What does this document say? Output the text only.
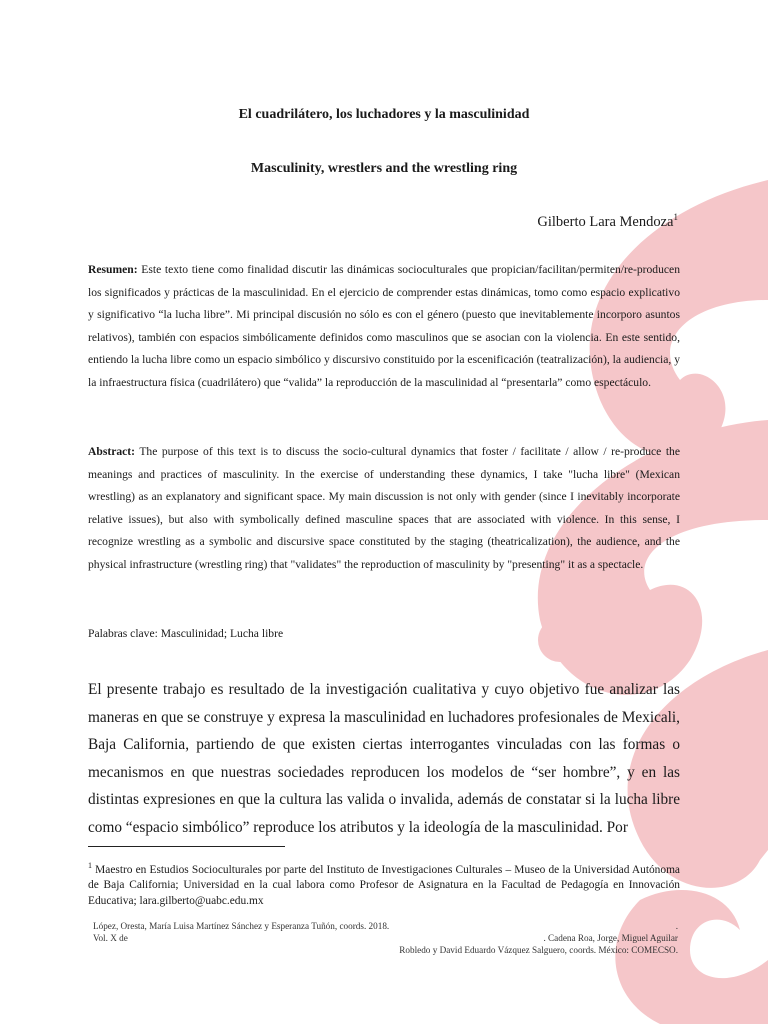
El cuadrilátero, los luchadores y la masculinidad
Masculinity, wrestlers and the wrestling ring
Gilberto Lara Mendoza$^1$
Resumen: Este texto tiene como finalidad discutir las dinámicas socioculturales que propician/facilitan/permiten/re-producen los significados y prácticas de la masculinidad. En el ejercicio de comprender estas dinámicas, tomo como espacio explicativo y significativo “la lucha libre”. Mi principal discusión no sólo es con el género (puesto que inevitablemente incorporo asuntos relativos), también con espacios simbólicamente definidos como masculinos que se asocian con la violencia. En este sentido, entiendo la lucha libre como un espacio simbólico y discursivo constituido por la escenificación (teatralización), la audiencia, y la infraestructura física (cuadrilátero) que “valida” la reproducción de la masculinidad al “presentarla” como espectáculo.
Abstract: The purpose of this text is to discuss the socio-cultural dynamics that foster / facilitate / allow / re-produce the meanings and practices of masculinity. In the exercise of understanding these dynamics, I take "lucha libre" (Mexican wrestling) as an explanatory and significant space. My main discussion is not only with gender (since I inevitably incorporate relative issues), but also with symbolically defined masculine spaces that are associated with violence. In this sense, I recognize wrestling as a symbolic and discursive space constituted by the staging (theatricalization), the audience, and the physical infrastructure (wrestling ring) that "validates" the reproduction of masculinity by "presenting" it as a spectacle.
Palabras clave: Masculinidad; Lucha libre
El presente trabajo es resultado de la investigación cualitativa y cuyo objetivo fue analizar las maneras en que se construye y expresa la masculinidad en luchadores profesionales de Mexicali, Baja California, partiendo de que existen ciertas interrogantes vinculadas con las formas o mecanismos en que nuestras sociedades reproducen los modelos de “ser hombre”, y en las distintas expresiones en que la cultura las valida o invalida, además de constatar si la lucha libre como “espacio simbólico” reproduce los atributos y la ideología de la masculinidad. Por
$^1$ Maestro en Estudios Socioculturales por parte del Instituto de Investigaciones Culturales – Museo de la Universidad Autónoma de Baja California; Universidad en la cual labora como Profesor de Asignatura en la Facultad de Pedagogía en Innovación Educativa; lara.gilberto@uabc.edu.mx
López, Oresta, María Luisa Martínez Sánchez y Esperanza Tuñón, coords. 2018.
Vol. X de
.
. Cadena Roa, Jorge, Miguel Aguilar
Robledo y David Eduardo Vázquez Salguero, coords. México: COMECSO.
